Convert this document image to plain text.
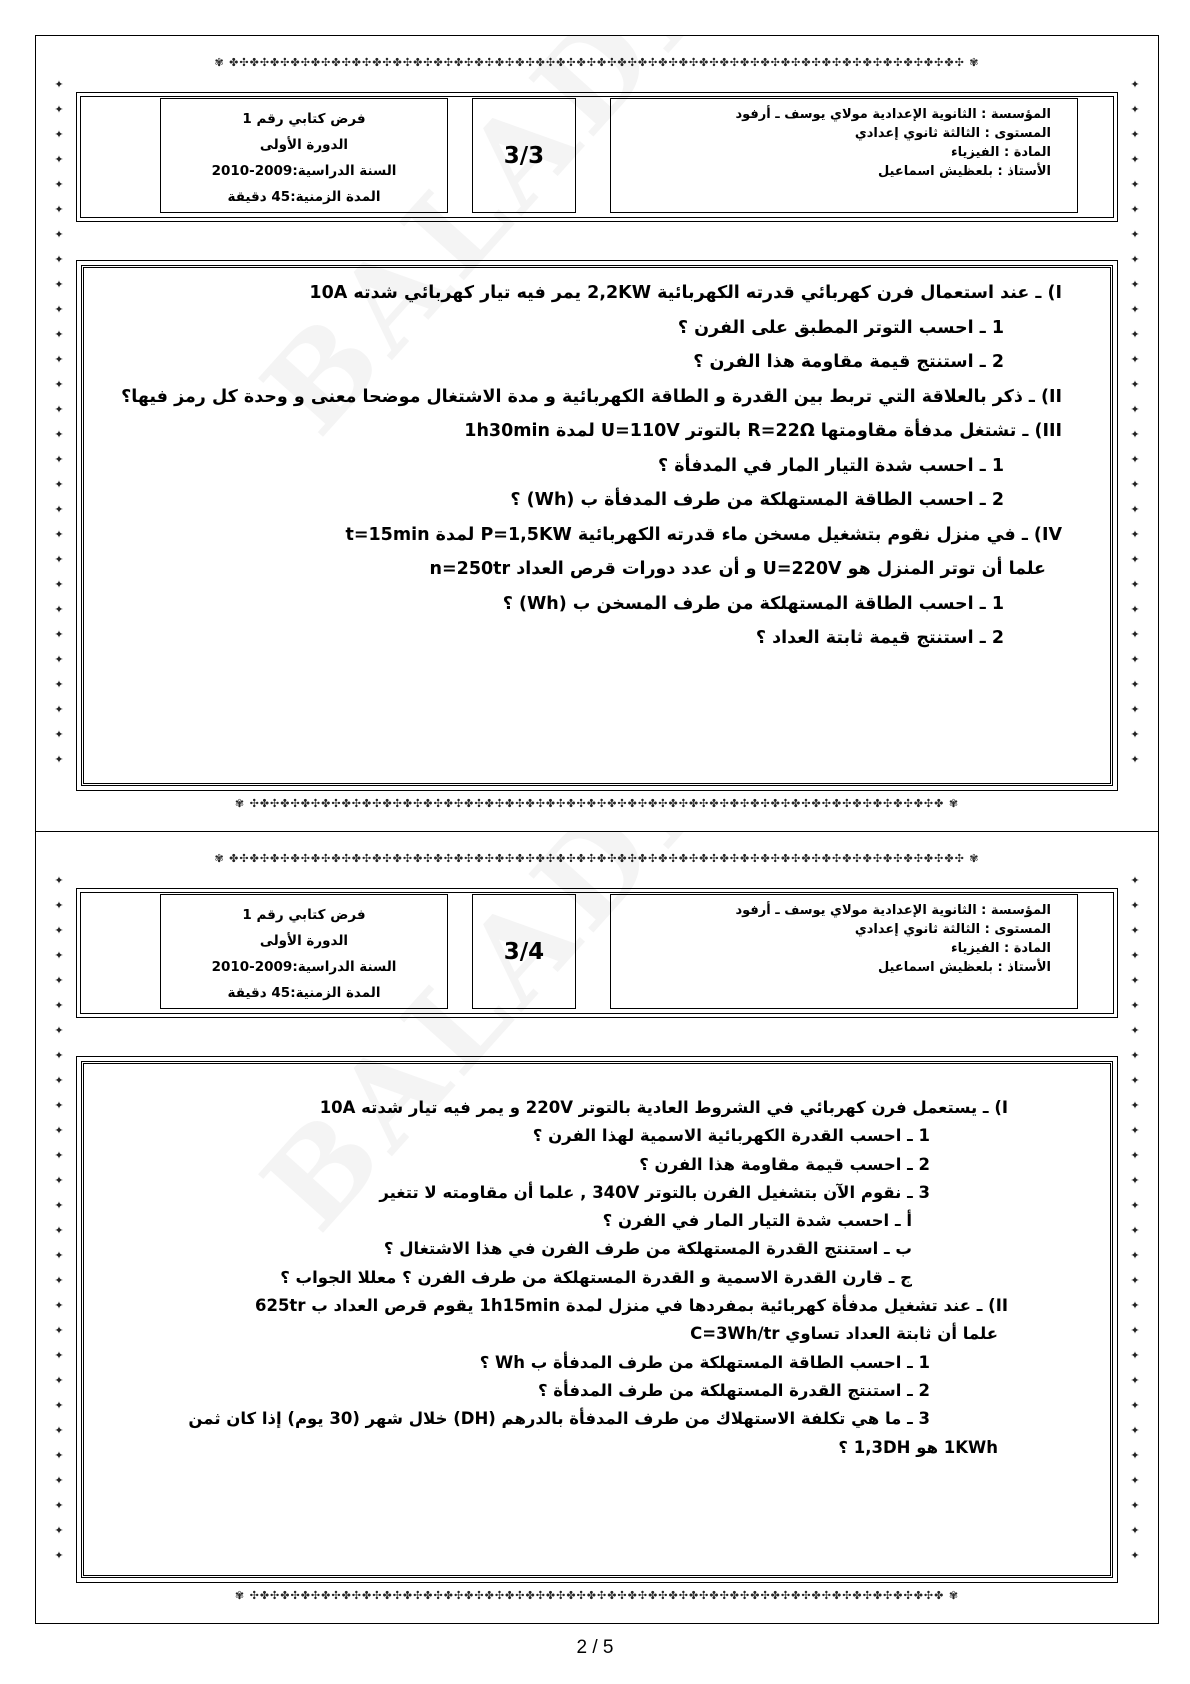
✾ ✤✣✤✣✤✣✤✣✤✣✤✣✤✣✤✣✤✣✤✣✤✣✤✣✤✣✤✣✤✣✤✣✤✣✤✣✤✣✤✣✤✣✤✣✤✣✤✣✤✣✤✣✤✣✤✣✤✣✤✣✤✣✤✣✤✣✤✣✤✣✤✣ ✾
✾ ✣✤✣✤✣✤✣✤✣✤✣✤✣✤✣✤✣✤✣✤✣✤✣✤✣✤✣✤✣✤✣✤✣✤✣✤✣✤✣✤✣✤✣✤✣✤✣✤✣✤✣✤✣✤✣✤✣✤✣✤✣✤✣✤✣✤✣✤ ✾
✦✦✦✦✦✦✦✦✦✦✦✦✦✦✦✦✦✦✦✦✦✦✦✦✦✦✦✦
✦✦✦✦✦✦✦✦✦✦✦✦✦✦✦✦✦✦✦✦✦✦✦✦✦✦✦✦
فرض كتابي رقم 1
الدورة الأولى
السنة الدراسية:2009-2010
المدة الزمنية:45 دقيقة
3/3
المؤسسة : الثانوية الإعدادية مولاي يوسف ـ أرفود
المستوى : الثالثة ثانوي إعدادي
المادة : الفيزياء
الأستاذ : بلعظيش اسماعيل
I) ـ عند استعمال فرن كهربائي قدرته الكهربائية 2,2KW يمر فيه تيار كهربائي شدته 10A
1 ـ احسب التوتر المطبق على الفرن ؟
2 ـ استنتج قيمة مقاومة هذا الفرن ؟
II) ـ ذكر بالعلاقة التي تربط بين القدرة و الطاقة الكهربائية و مدة الاشتغال موضحا معنى و وحدة كل رمز فيها؟
III) ـ تشتغل مدفأة مقاومتها R=22Ω بالتوتر U=110V لمدة 1h30min
1 ـ احسب شدة التيار المار في المدفأة ؟
2 ـ احسب الطاقة المستهلكة من طرف المدفأة ب (Wh) ؟
IV) ـ في منزل نقوم بتشغيل مسخن ماء قدرته الكهربائية P=1,5KW لمدة t=15min
علما أن توتر المنزل هو U=220V و أن عدد دورات قرص العداد n=250tr
1 ـ احسب الطاقة المستهلكة من طرف المسخن ب (Wh) ؟
2 ـ استنتج قيمة ثابتة العداد ؟
✾ ✤✣✤✣✤✣✤✣✤✣✤✣✤✣✤✣✤✣✤✣✤✣✤✣✤✣✤✣✤✣✤✣✤✣✤✣✤✣✤✣✤✣✤✣✤✣✤✣✤✣✤✣✤✣✤✣✤✣✤✣✤✣✤✣✤✣✤✣✤✣✤✣ ✾
✾ ✣✤✣✤✣✤✣✤✣✤✣✤✣✤✣✤✣✤✣✤✣✤✣✤✣✤✣✤✣✤✣✤✣✤✣✤✣✤✣✤✣✤✣✤✣✤✣✤✣✤✣✤✣✤✣✤✣✤✣✤✣✤✣✤✣✤✣✤ ✾
✦✦✦✦✦✦✦✦✦✦✦✦✦✦✦✦✦✦✦✦✦✦✦✦✦✦✦✦
✦✦✦✦✦✦✦✦✦✦✦✦✦✦✦✦✦✦✦✦✦✦✦✦✦✦✦✦
فرض كتابي رقم 1
الدورة الأولى
السنة الدراسية:2009-2010
المدة الزمنية:45 دقيقة
3/4
المؤسسة : الثانوية الإعدادية مولاي يوسف ـ أرفود
المستوى : الثالثة ثانوي إعدادي
المادة : الفيزياء
الأستاذ : بلعظيش اسماعيل
I) ـ يستعمل فرن كهربائي في الشروط العادية بالتوتر 220V و يمر فيه تيار شدته 10A
1 ـ احسب القدرة الكهربائية الاسمية لهذا الفرن ؟
2 ـ احسب قيمة مقاومة هذا الفرن ؟
3 ـ نقوم الآن بتشغيل الفرن بالتوتر 340V , علما أن مقاومته لا تتغير
أ ـ احسب شدة التيار المار في الفرن ؟
ب ـ استنتج القدرة المستهلكة من طرف الفرن في هذا الاشتغال ؟
ج ـ قارن القدرة الاسمية و القدرة المستهلكة من طرف الفرن ؟ معللا الجواب ؟
II) ـ عند تشغيل مدفأة كهربائية بمفردها في منزل لمدة 1h15min يقوم قرص العداد ب 625tr
علما أن ثابتة العداد تساوي C=3Wh/tr
1 ـ احسب الطاقة المستهلكة من طرف المدفأة ب Wh ؟
2 ـ استنتج القدرة المستهلكة من طرف المدفأة ؟
3 ـ ما هي تكلفة الاستهلاك من طرف المدفأة بالدرهم (DH) خلال شهر (30 يوم) إذا كان ثمن
1KWh هو 1,3DH ؟
2 / 5
